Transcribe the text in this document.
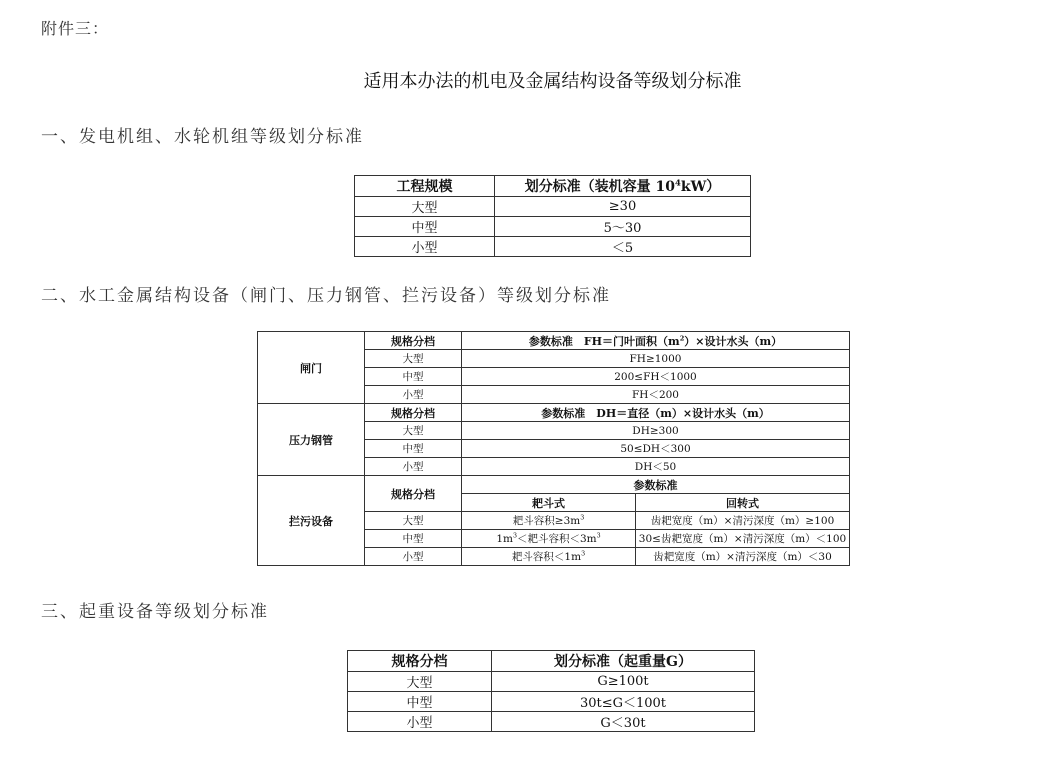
附件三：
适用本办法的机电及金属结构设备等级划分标准
一、发电机组、水轮机组等级划分标准
工程规模	划分标准（装机容量 $10^4kW$）
大型	≥30
中型	5～30
小型	＜5
二、水工金属结构设备（闸门、压力钢管、拦污设备）等级划分标准
闸门	规格分档	参数标准　FH＝门叶面积$(m^2)\times$设计水头（m）	
	大型	FH≥1000	
	中型	200≤FH＜1000	
	小型	FH＜200	
压力钢管	规格分档	参数标准　DH＝直径（m）×设计水头（m）	
	大型	DH≥300	
	中型	50≤DH＜300	
	小型	DH＜50	
拦污设备	规格分档	参数标准	
		耙斗式	回转式
	大型	耙斗容积$\ge 3m^3$	齿耙宽度（m）×清污深度（m）≥100
	中型	$1m^3<$耙斗容积$<3m^3$	30≤齿耙宽度（m）×清污深度（m）＜100
	小型	耙斗容积$<1m^3$	齿耙宽度（m）×清污深度（m）＜30
三、起重设备等级划分标准
规格分档	划分标准（起重量G）
大型	G≥100t
中型	30t≤G＜100t
小型	G＜30t
